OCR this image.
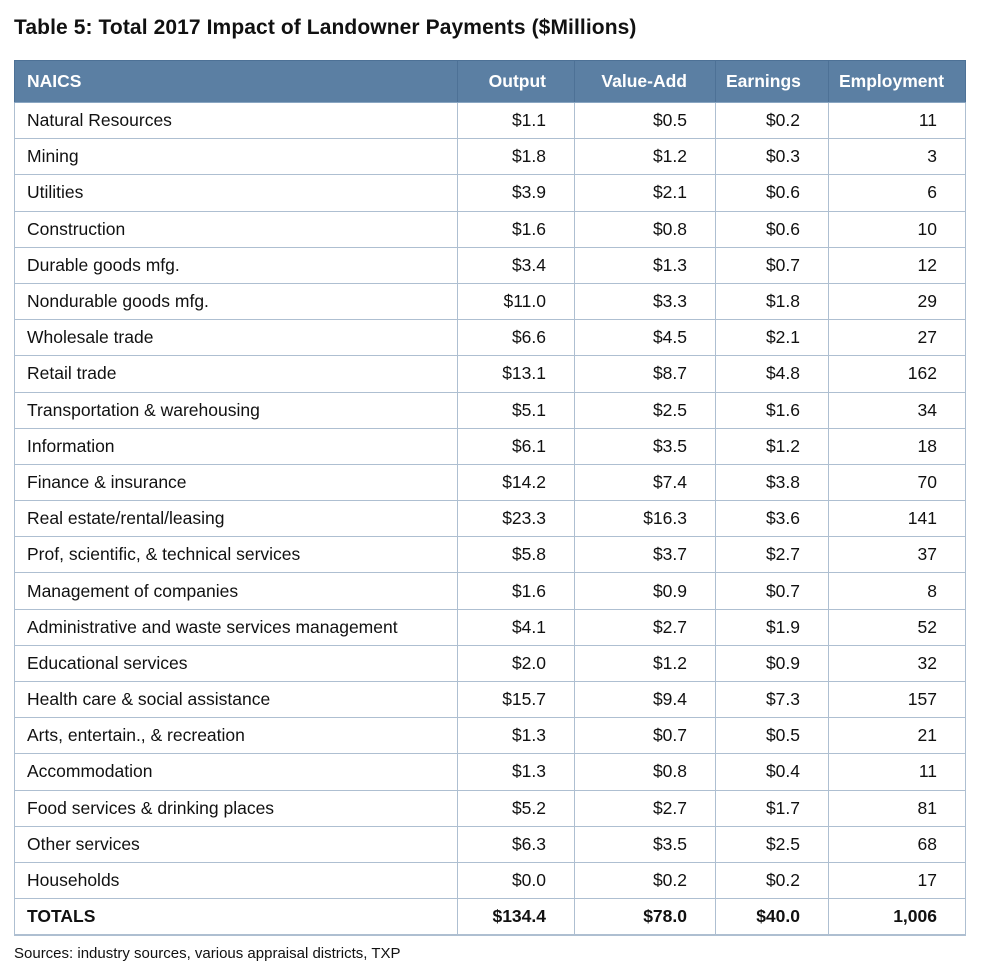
Table 5: Total 2017 Impact of Landowner Payments ($Millions)
NAICS	Output	Value-Add	Earnings	Employment
Natural Resources	$1.1	$0.5	$0.2	11
Mining	$1.8	$1.2	$0.3	3
Utilities	$3.9	$2.1	$0.6	6
Construction	$1.6	$0.8	$0.6	10
Durable goods mfg.	$3.4	$1.3	$0.7	12
Nondurable goods mfg.	$11.0	$3.3	$1.8	29
Wholesale trade	$6.6	$4.5	$2.1	27
Retail trade	$13.1	$8.7	$4.8	162
Transportation & warehousing	$5.1	$2.5	$1.6	34
Information	$6.1	$3.5	$1.2	18
Finance & insurance	$14.2	$7.4	$3.8	70
Real estate/rental/leasing	$23.3	$16.3	$3.6	141
Prof, scientific, & technical services	$5.8	$3.7	$2.7	37
Management of companies	$1.6	$0.9	$0.7	8
Administrative and waste services management	$4.1	$2.7	$1.9	52
Educational services	$2.0	$1.2	$0.9	32
Health care & social assistance	$15.7	$9.4	$7.3	157
Arts, entertain., & recreation	$1.3	$0.7	$0.5	21
Accommodation	$1.3	$0.8	$0.4	11
Food services & drinking places	$5.2	$2.7	$1.7	81
Other services	$6.3	$3.5	$2.5	68
Households	$0.0	$0.2	$0.2	17
TOTALS	$134.4	$78.0	$40.0	1,006
Sources: industry sources, various appraisal districts, TXP
